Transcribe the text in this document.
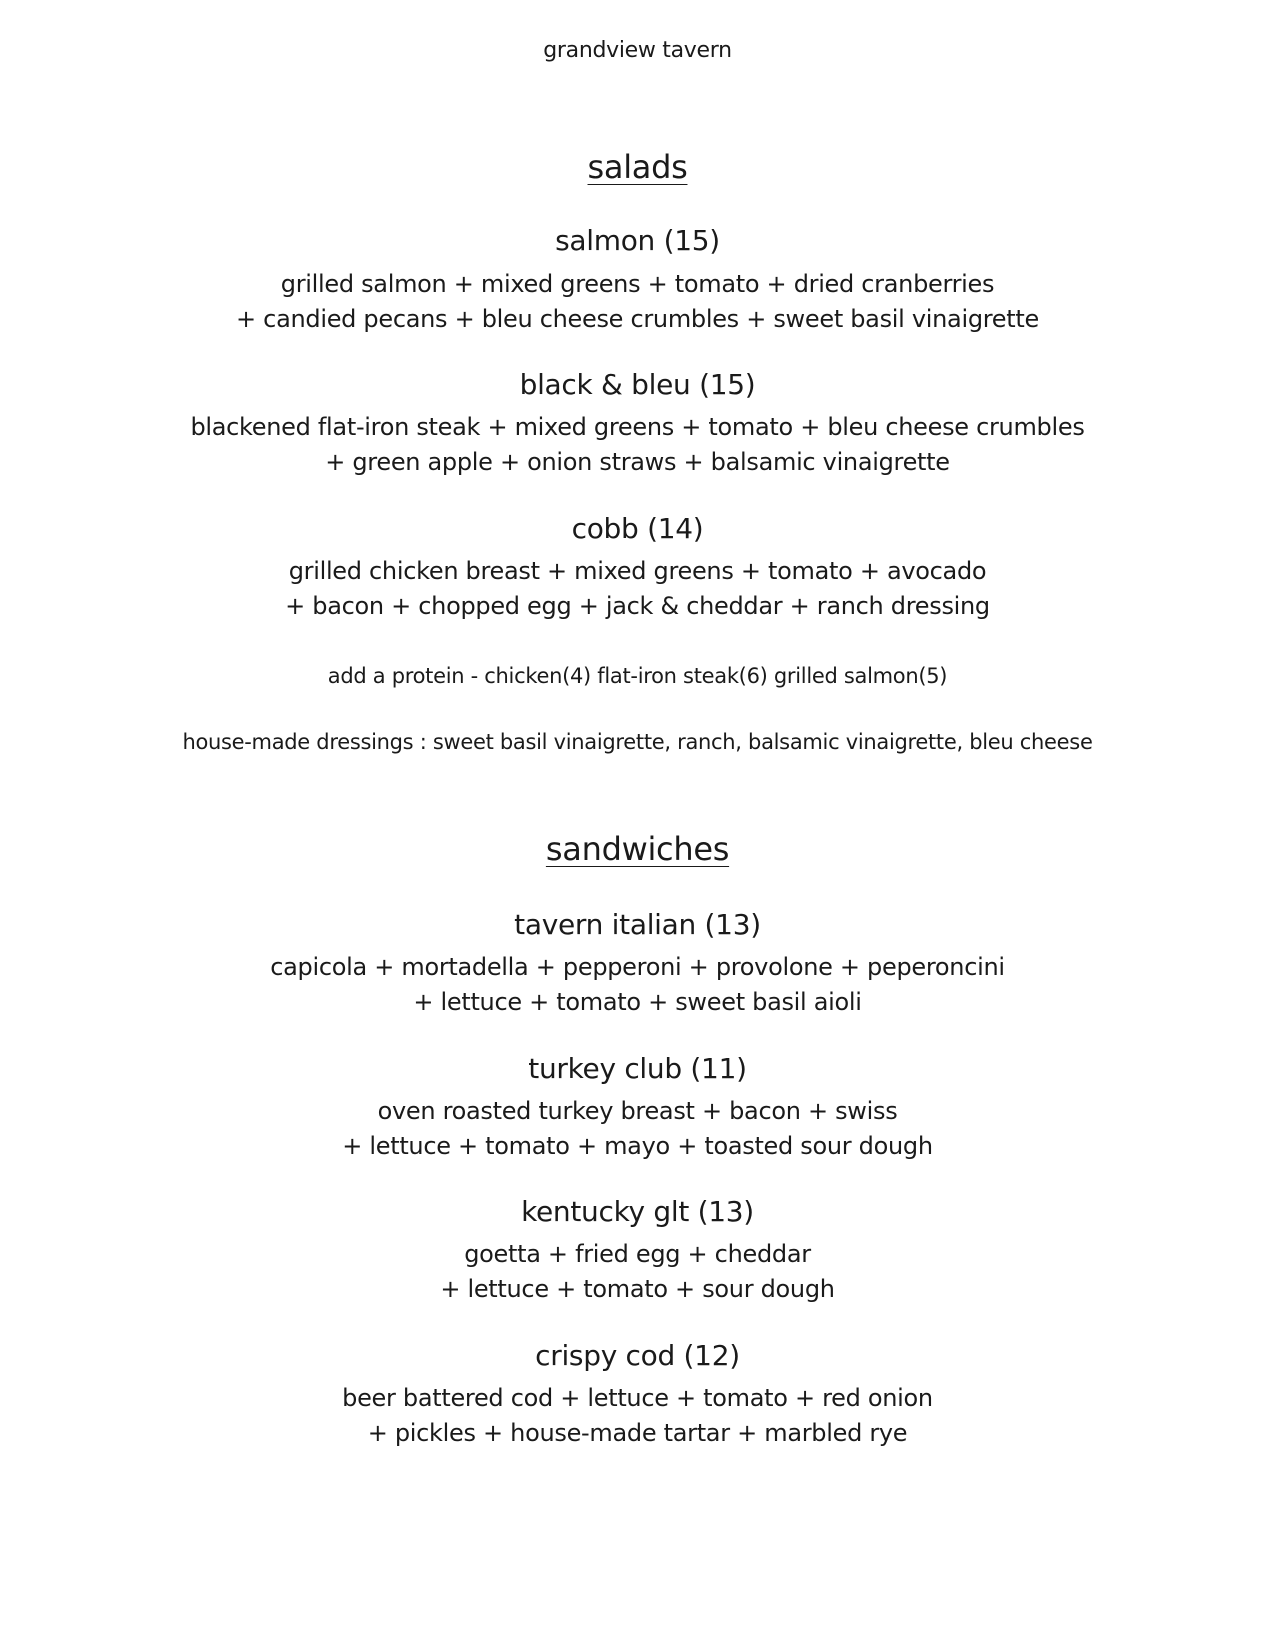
grandview tavern
salads
salmon (15)
grilled salmon + mixed greens + tomato + dried cranberries
+ candied pecans + bleu cheese crumbles + sweet basil vinaigrette
black & bleu (15)
blackened flat-iron steak + mixed greens + tomato + bleu cheese crumbles
+ green apple + onion straws + balsamic vinaigrette
cobb (14)
grilled chicken breast + mixed greens + tomato + avocado
+ bacon + chopped egg + jack & cheddar + ranch dressing
add a protein - chicken(4) flat-iron steak(6) grilled salmon(5)
house-made dressings : sweet basil vinaigrette, ranch, balsamic vinaigrette, bleu cheese
sandwiches
tavern italian (13)
capicola + mortadella + pepperoni + provolone + peperoncini
+ lettuce + tomato + sweet basil aioli
turkey club (11)
oven roasted turkey breast + bacon + swiss
+ lettuce + tomato + mayo + toasted sour dough
kentucky glt (13)
goetta + fried egg + cheddar
+ lettuce + tomato + sour dough
crispy cod (12)
beer battered cod + lettuce + tomato + red onion
+ pickles + house-made tartar + marbled rye
